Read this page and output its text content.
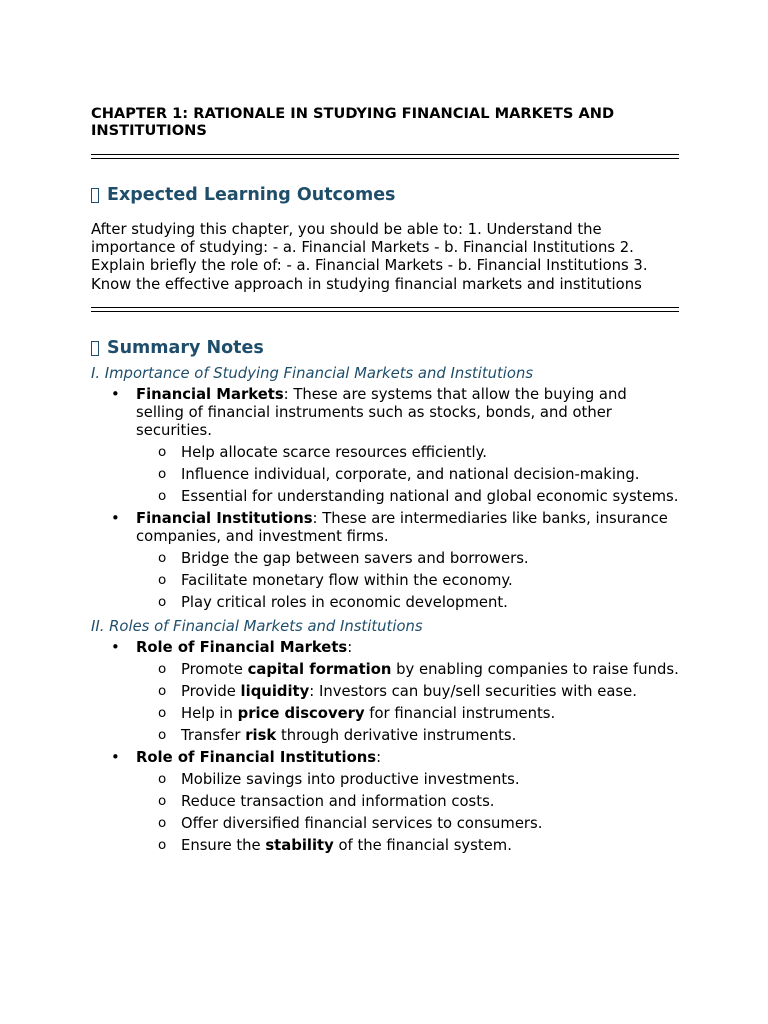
CHAPTER 1: RATIONALE IN STUDYING FINANCIAL MARKETS AND INSTITUTIONS
Expected Learning Outcomes

After studying this chapter, you should be able to: 1. Understand the importance of studying: - a. Financial Markets - b. Financial Institutions 2. Explain briefly the role of: - a. Financial Markets - b. Financial Institutions 3. Know the effective approach in studying financial markets and institutions

Summary Notes
I. Importance of Studying Financial Markets and Institutions
• Financial Markets: These are systems that allow the buying and selling of financial instruments such as stocks, bonds, and other securities.
o Help allocate scarce resources efficiently.
o Influence individual, corporate, and national decision-making.
o Essential for understanding national and global economic systems.
• Financial Institutions: These are intermediaries like banks, insurance companies, and investment firms.
o Bridge the gap between savers and borrowers.
o Facilitate monetary flow within the economy.
o Play critical roles in economic development.
II. Roles of Financial Markets and Institutions
• Role of Financial Markets:
o Promote capital formation by enabling companies to raise funds.
o Provide liquidity: Investors can buy/sell securities with ease.
o Help in price discovery for financial instruments.
o Transfer risk through derivative instruments.
• Role of Financial Institutions:
o Mobilize savings into productive investments.
o Reduce transaction and information costs.
o Offer diversified financial services to consumers.
o Ensure the stability of the financial system.
